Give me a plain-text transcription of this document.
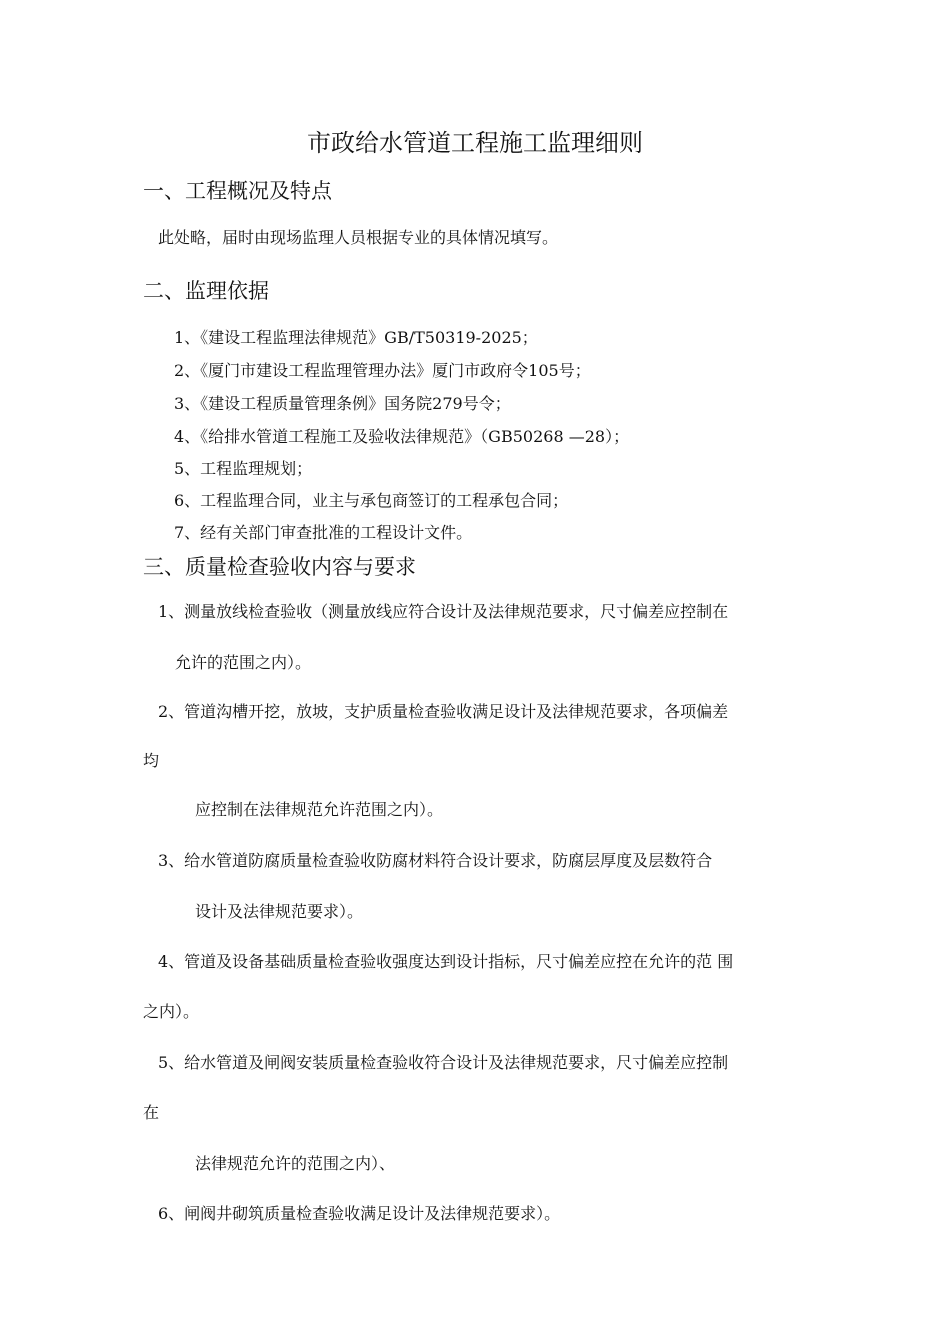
市政给水管道工程施工监理细则
一、工程概况及特点
此处略，届时由现场监理人员根据专业的具体情况填写。
二、监理依据
1、《建设工程监理法律规范》GB/T50319-2025；
2、《厦门市建设工程监理管理办法》厦门市政府令105号；
3、《建设工程质量管理条例》国务院279号令；
4、《给排水管道工程施工及验收法律规范》（GB50268 —28）；
5、工程监理规划；
6、工程监理合同，业主与承包商签订的工程承包合同；
7、经有关部门审查批准的工程设计文件。
三、质量检查验收内容与要求
1、测量放线检查验收（测量放线应符合设计及法律规范要求，尺寸偏差应控制在
允许的范围之内）。
2、管道沟槽开挖，放坡，支护质量检查验收满足设计及法律规范要求，各项偏差
均
应控制在法律规范允许范围之内）。
3、给水管道防腐质量检查验收防腐材料符合设计要求，防腐层厚度及层数符合
设计及法律规范要求）。
4、管道及设备基础质量检查验收强度达到设计指标，尺寸偏差应控在允许的范 围
之内）。
5、给水管道及闸阀安装质量检查验收符合设计及法律规范要求，尺寸偏差应控制
在
法律规范允许的范围之内）、
6、闸阀井砌筑质量检查验收满足设计及法律规范要求）。
